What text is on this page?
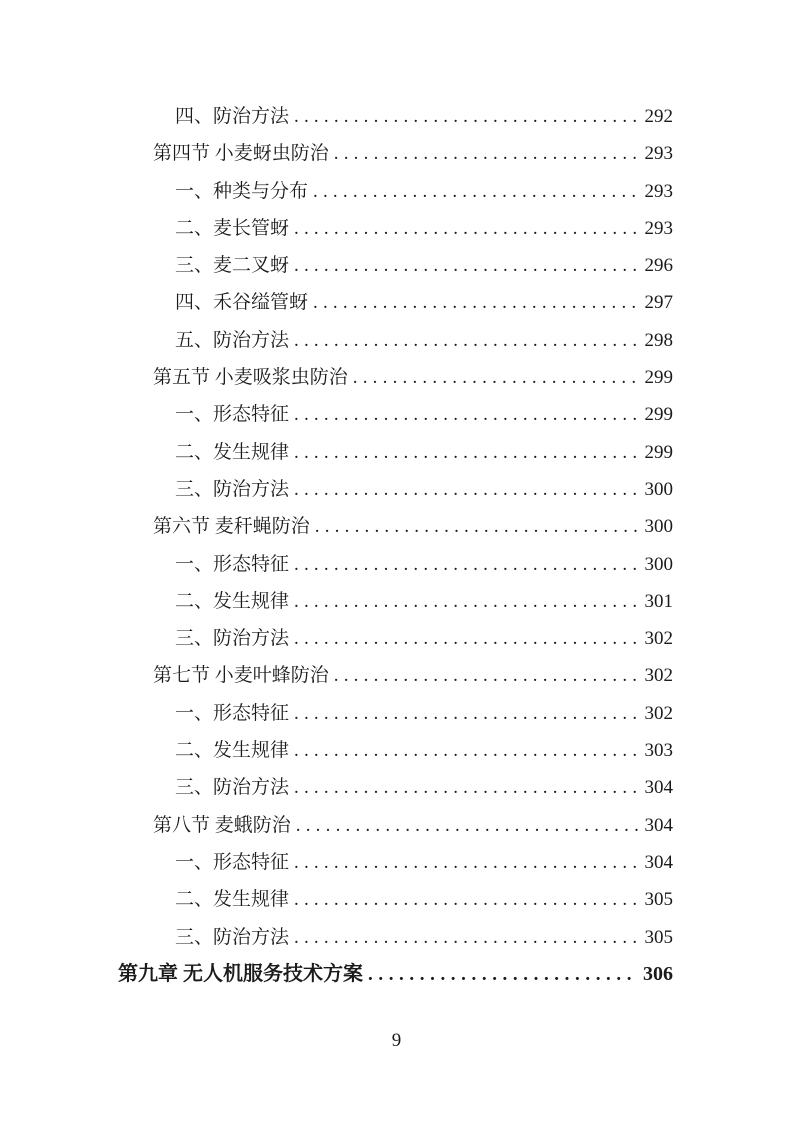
四、防治方法 .....	292
第四节 小麦蚜虫防治 .....	293
一、种类与分布 .....	293
二、麦长管蚜 .....	293
三、麦二叉蚜 .....	296
四、禾谷缢管蚜 .....	297
五、防治方法 .....	298
第五节 小麦吸浆虫防治 .....	299
一、形态特征 .....	299
二、发生规律 .....	299
三、防治方法 .....	300
第六节 麦秆蝇防治 .....	300
一、形态特征 .....	300
二、发生规律 .....	301
三、防治方法 .....	302
第七节 小麦叶蜂防治 .....	302
一、形态特征 .....	302
二、发生规律 .....	303
三、防治方法 .....	304
第八节 麦蛾防治 .....	304
一、形态特征 .....	304
二、发生规律 .....	305
三、防治方法 .....	305
第九章 无人机服务技术方案 .....	306
9
